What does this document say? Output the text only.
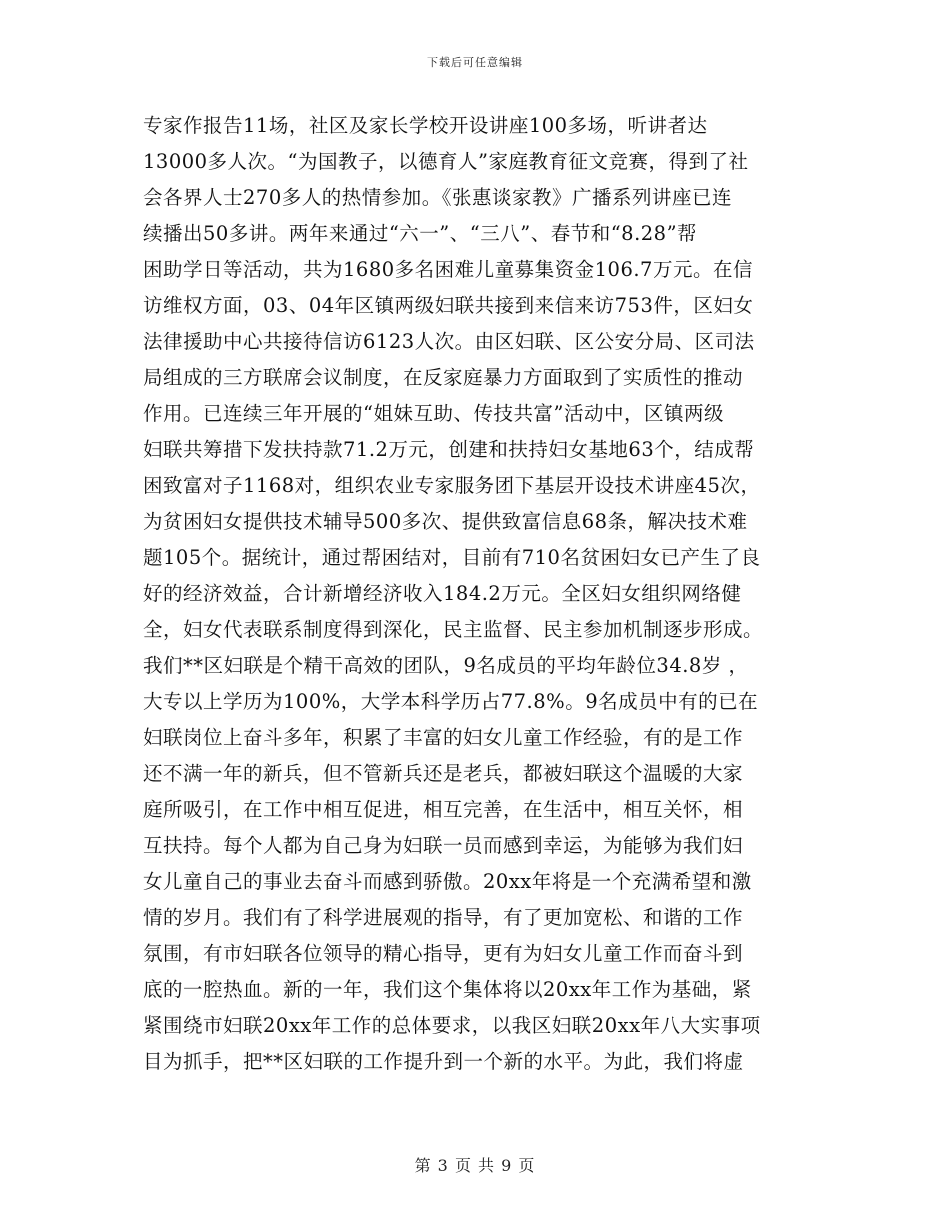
下载后可任意编辑
专家作报告11场，社区及家长学校开设讲座100多场，听讲者达
13000多人次。“为国教子，以德育人”家庭教育征文竞赛，得到了社
会各界人士270多人的热情参加。《张惠谈家教》广播系列讲座已连
续播出50多讲。两年来通过“六一”、“三八”、春节和“8.28”帮
困助学日等活动，共为1680多名困难儿童募集资金106.7万元。在信
访维权方面，03、04年区镇两级妇联共接到来信来访753件，区妇女
法律援助中心共接待信访6123人次。由区妇联、区公安分局、区司法
局组成的三方联席会议制度，在反家庭暴力方面取到了实质性的推动
作用。已连续三年开展的“姐妹互助、传技共富”活动中，区镇两级
妇联共筹措下发扶持款71.2万元，创建和扶持妇女基地63个，结成帮
困致富对子1168对，组织农业专家服务团下基层开设技术讲座45次，
为贫困妇女提供技术辅导500多次、提供致富信息68条，解决技术难
题105个。据统计，通过帮困结对，目前有710名贫困妇女已产生了良
好的经济效益，合计新增经济收入184.2万元。全区妇女组织网络健
全，妇女代表联系制度得到深化，民主监督、民主参加机制逐步形成。
我们**区妇联是个精干高效的团队，9名成员的平均年龄位34.8岁 ，
大专以上学历为100%，大学本科学历占77.8%。9名成员中有的已在
妇联岗位上奋斗多年，积累了丰富的妇女儿童工作经验，有的是工作
还不满一年的新兵，但不管新兵还是老兵，都被妇联这个温暖的大家
庭所吸引，在工作中相互促进，相互完善，在生活中，相互关怀，相
互扶持。每个人都为自己身为妇联一员而感到幸运，为能够为我们妇
女儿童自己的事业去奋斗而感到骄傲。20xx年将是一个充满希望和激
情的岁月。我们有了科学进展观的指导，有了更加宽松、和谐的工作
氛围，有市妇联各位领导的精心指导，更有为妇女儿童工作而奋斗到
底的一腔热血。新的一年，我们这个集体将以20xx年工作为基础，紧
紧围绕市妇联20xx年工作的总体要求，以我区妇联20xx年八大实事项
目为抓手，把**区妇联的工作提升到一个新的水平。为此，我们将虚
第 3 页 共 9 页
